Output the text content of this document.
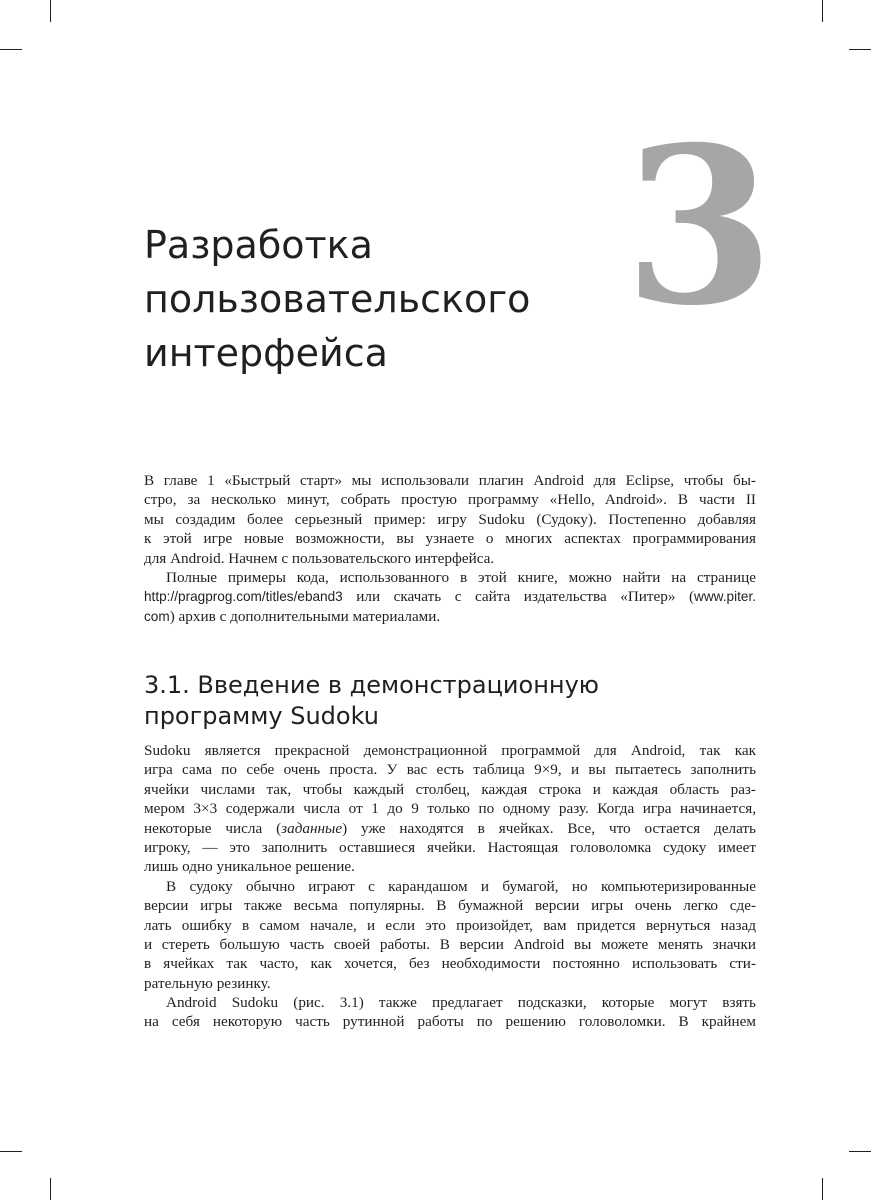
3
Разработка
пользовательского
интерфейса
В главе 1 «Быстрый старт» мы использовали плагин Android для Eclipse, чтобы бы-
стро, за несколько минут, собрать простую программу «Hello, Android». В части II
мы создадим более серьезный пример: игру Sudoku (Судоку). Постепенно добавляя
к этой игре новые возможности, вы узнаете о многих аспектах программирования
для Android. Начнем с пользовательского интерфейса.
Полные примеры кода, использованного в этой книге, можно найти на странице
http://pragprog.com/titles/eband3 или скачать с сайта издательства «Питер» (www.piter.
com) архив с дополнительными материалами.
3.1. Введение в демонстрационную
программу Sudoku
Sudoku является прекрасной демонстрационной программой для Android, так как
игра сама по себе очень проста. У вас есть таблица 9×9, и вы пытаетесь заполнить
ячейки числами так, чтобы каждый столбец, каждая строка и каждая область раз-
мером 3×3 содержали числа от 1 до 9 только по одному разу. Когда игра начинается,
некоторые числа (заданные) уже находятся в ячейках. Все, что остается делать
игроку, — это заполнить оставшиеся ячейки. Настоящая головоломка судоку имеет
лишь одно уникальное решение.
В судоку обычно играют с карандашом и бумагой, но компьютеризированные
версии игры также весьма популярны. В бумажной версии игры очень легко сде-
лать ошибку в самом начале, и если это произойдет, вам придется вернуться назад
и стереть большую часть своей работы. В версии Android вы можете менять значки
в ячейках так часто, как хочется, без необходимости постоянно использовать сти-
рательную резинку.
Android Sudoku (рис. 3.1) также предлагает подсказки, которые могут взять
на себя некоторую часть рутинной работы по решению головоломки. В крайнем
